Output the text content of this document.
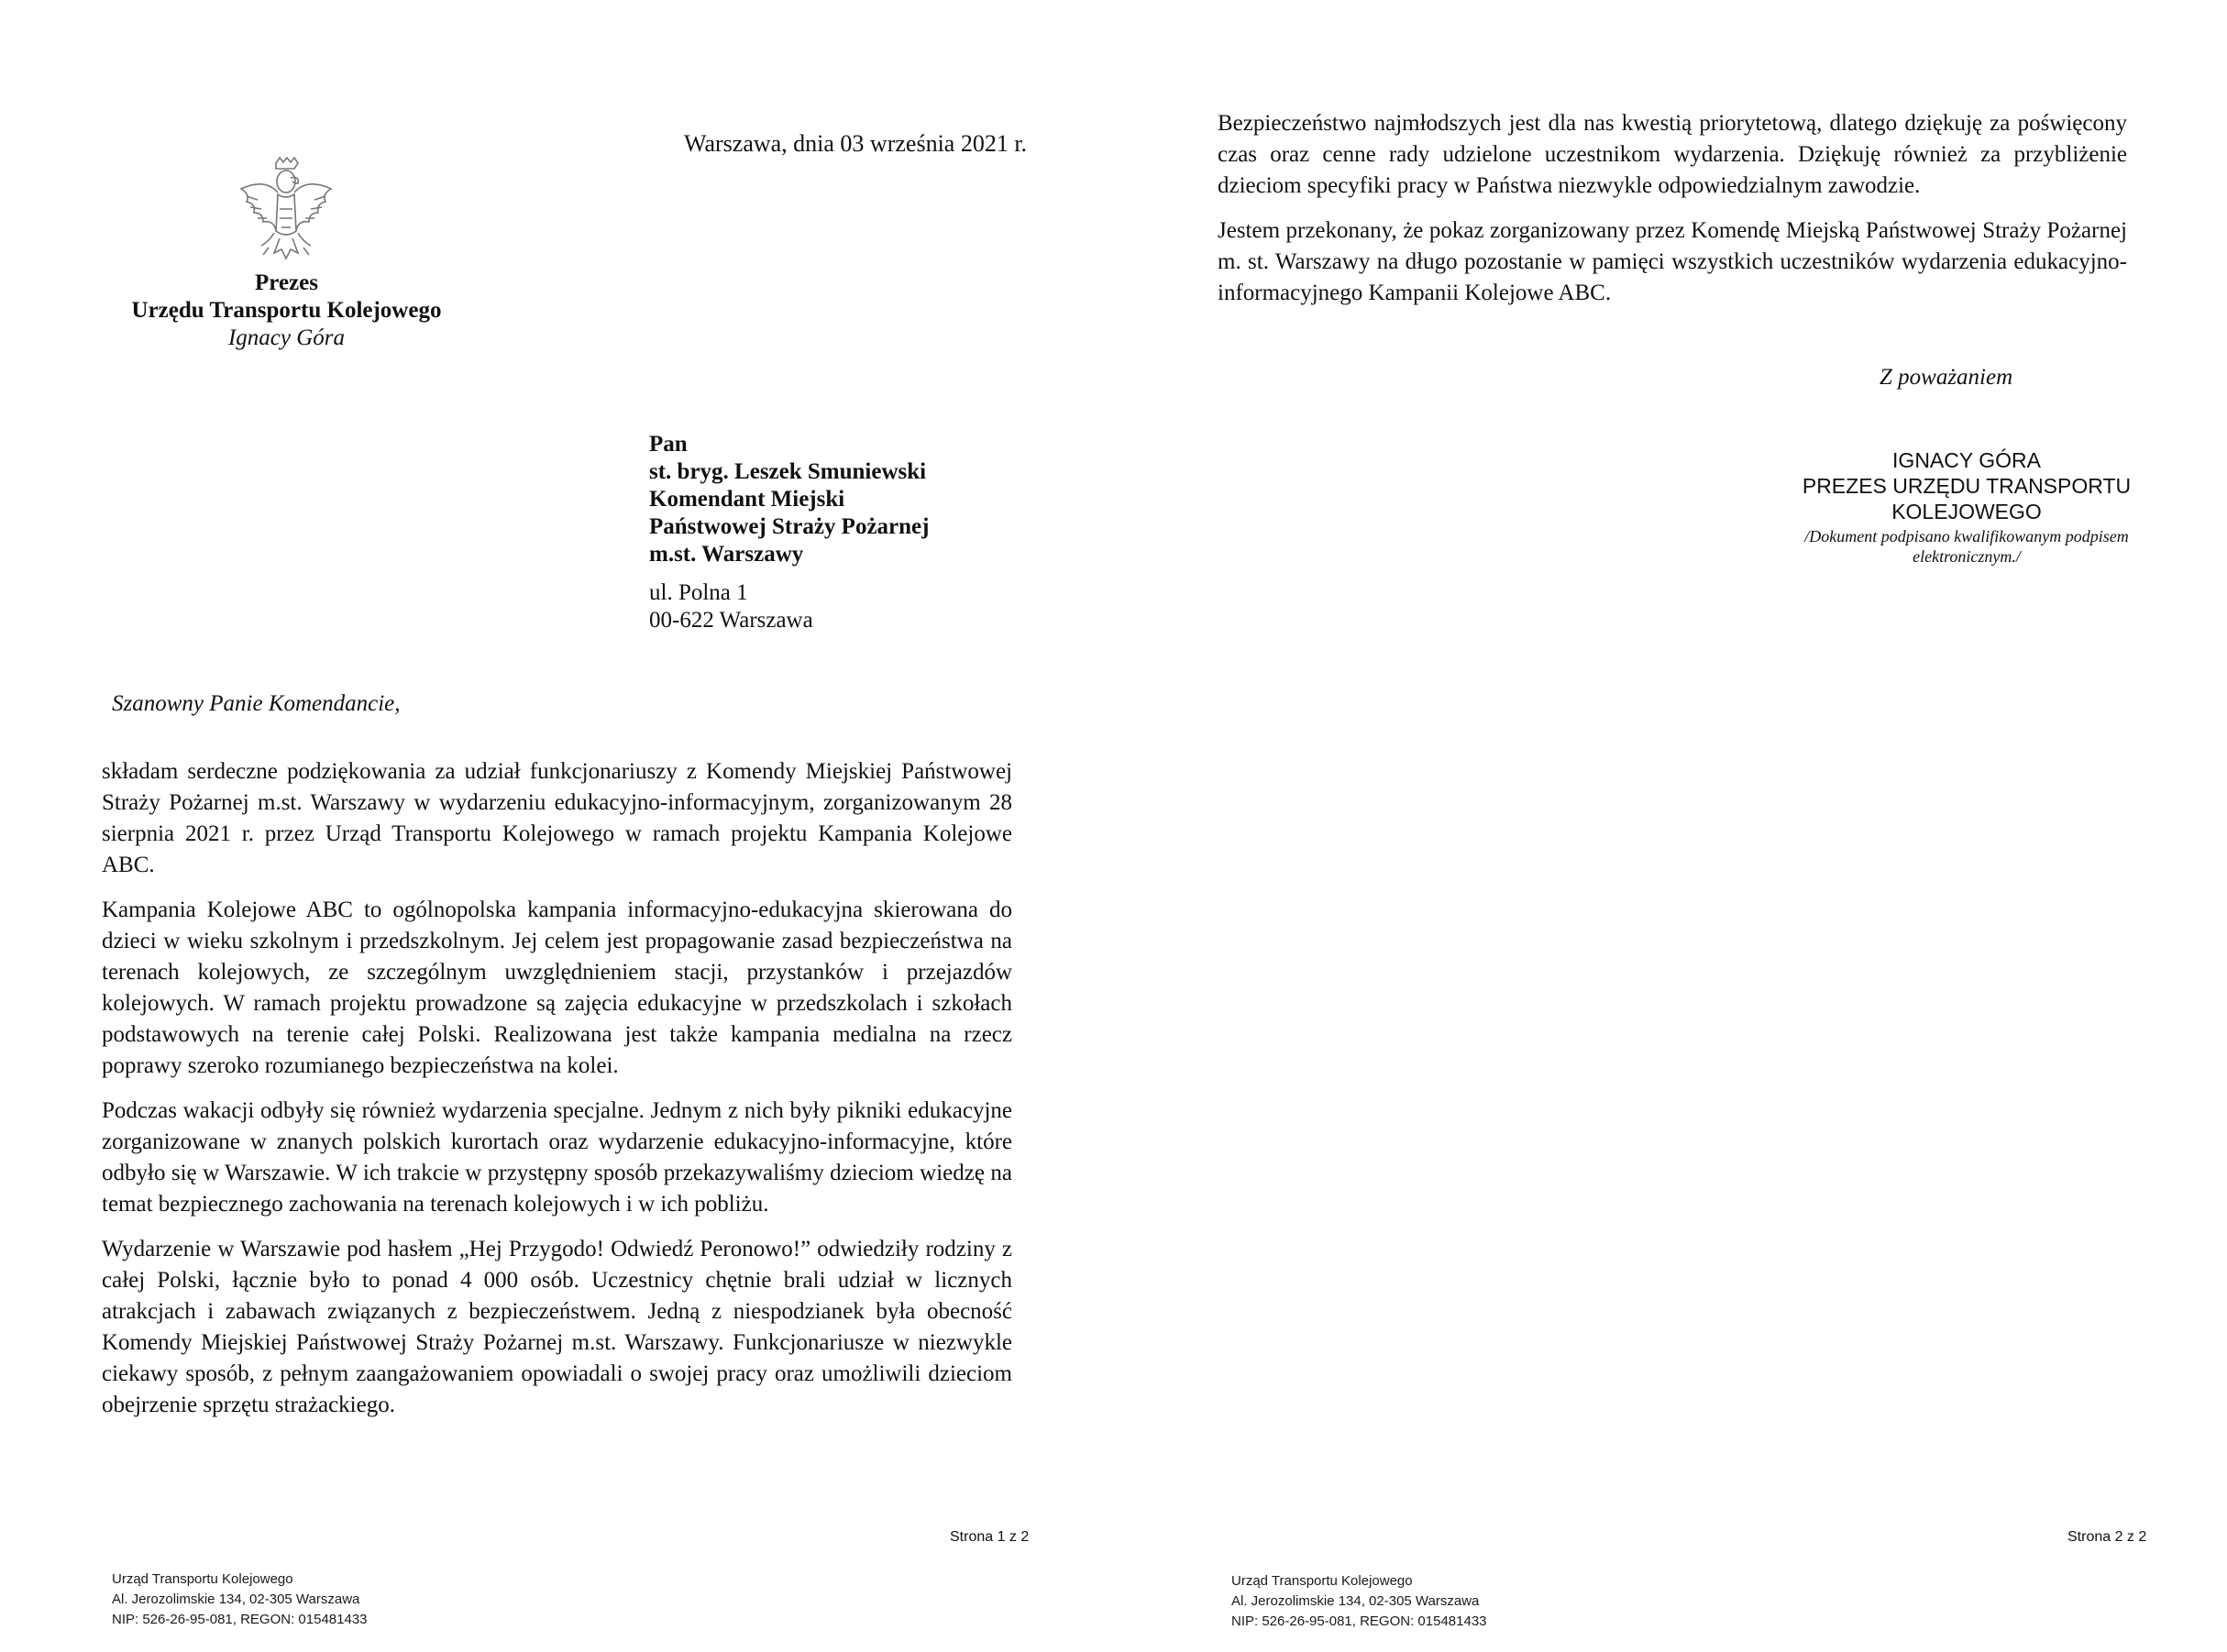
Prezes
Urzędu Transportu Kolejowego
Ignacy Góra
Warszawa, dnia 03 września 2021 r.
Pan
st. bryg. Leszek Smuniewski
Komendant Miejski
Państwowej Straży Pożarnej
m.st. Warszawy
ul. Polna 1
00-622 Warszawa
Szanowny Panie Komendancie,

składam serdeczne podziękowania za udział funkcjonariuszy z Komendy Miejskiej Państwowej Straży Pożarnej m.st. Warszawy w wydarzeniu edukacyjno-informacyjnym, zorganizowanym 28 sierpnia 2021 r. przez Urząd Transportu Kolejowego w ramach projektu Kampania Kolejowe ABC.

Kampania Kolejowe ABC to ogólnopolska kampania informacyjno-edukacyjna skierowana do dzieci w wieku szkolnym i przedszkolnym. Jej celem jest propagowanie zasad bezpieczeństwa na terenach kolejowych, ze szczególnym uwzględnieniem stacji, przystanków i przejazdów kolejowych. W ramach projektu prowadzone są zajęcia edukacyjne w przedszkolach i szkołach podstawowych na terenie całej Polski. Realizowana jest także kampania medialna na rzecz poprawy szeroko rozumianego bezpieczeństwa na kolei.

Podczas wakacji odbyły się również wydarzenia specjalne. Jednym z nich były pikniki edukacyjne zorganizowane w znanych polskich kurortach oraz wydarzenie edukacyjno-informacyjne, które odbyło się w Warszawie. W ich trakcie w przystępny sposób przekazywaliśmy dzieciom wiedzę na temat bezpiecznego zachowania na terenach kolejowych i w ich pobliżu.

Wydarzenie w Warszawie pod hasłem „Hej Przygodo! Odwiedź Peronowo!” odwiedziły rodziny z całej Polski, łącznie było to ponad 4 000 osób. Uczestnicy chętnie brali udział w licznych atrakcjach i zabawach związanych z bezpieczeństwem. Jedną z niespodzianek była obecność Komendy Miejskiej Państwowej Straży Pożarnej m.st. Warszawy. Funkcjonariusze w niezwykle ciekawy sposób, z pełnym zaangażowaniem opowiadali o swojej pracy oraz umożliwili dzieciom obejrzenie sprzętu strażackiego.

Strona 1 z 2
Urząd Transportu Kolejowego
Al. Jerozolimskie 134, 02-305 Warszawa
NIP: 526-26-95-081, REGON: 015481433

Bezpieczeństwo najmłodszych jest dla nas kwestią priorytetową, dlatego dziękuję za poświęcony czas oraz cenne rady udzielone uczestnikom wydarzenia. Dziękuję również za przybliżenie dzieciom specyfiki pracy w Państwa niezwykle odpowiedzialnym zawodzie.

Jestem przekonany, że pokaz zorganizowany przez Komendę Miejską Państwowej Straży Pożarnej m. st. Warszawy na długo pozostanie w pamięci wszystkich uczestników wydarzenia edukacyjno-informacyjnego Kampanii Kolejowe ABC.

Z poważaniem
IGNACY GÓRA
PREZES URZĘDU TRANSPORTU
KOLEJOWEGO
/Dokument podpisano kwalifikowanym podpisem elektronicznym./
Strona 2 z 2
Urząd Transportu Kolejowego
Al. Jerozolimskie 134, 02-305 Warszawa
NIP: 526-26-95-081, REGON: 015481433
